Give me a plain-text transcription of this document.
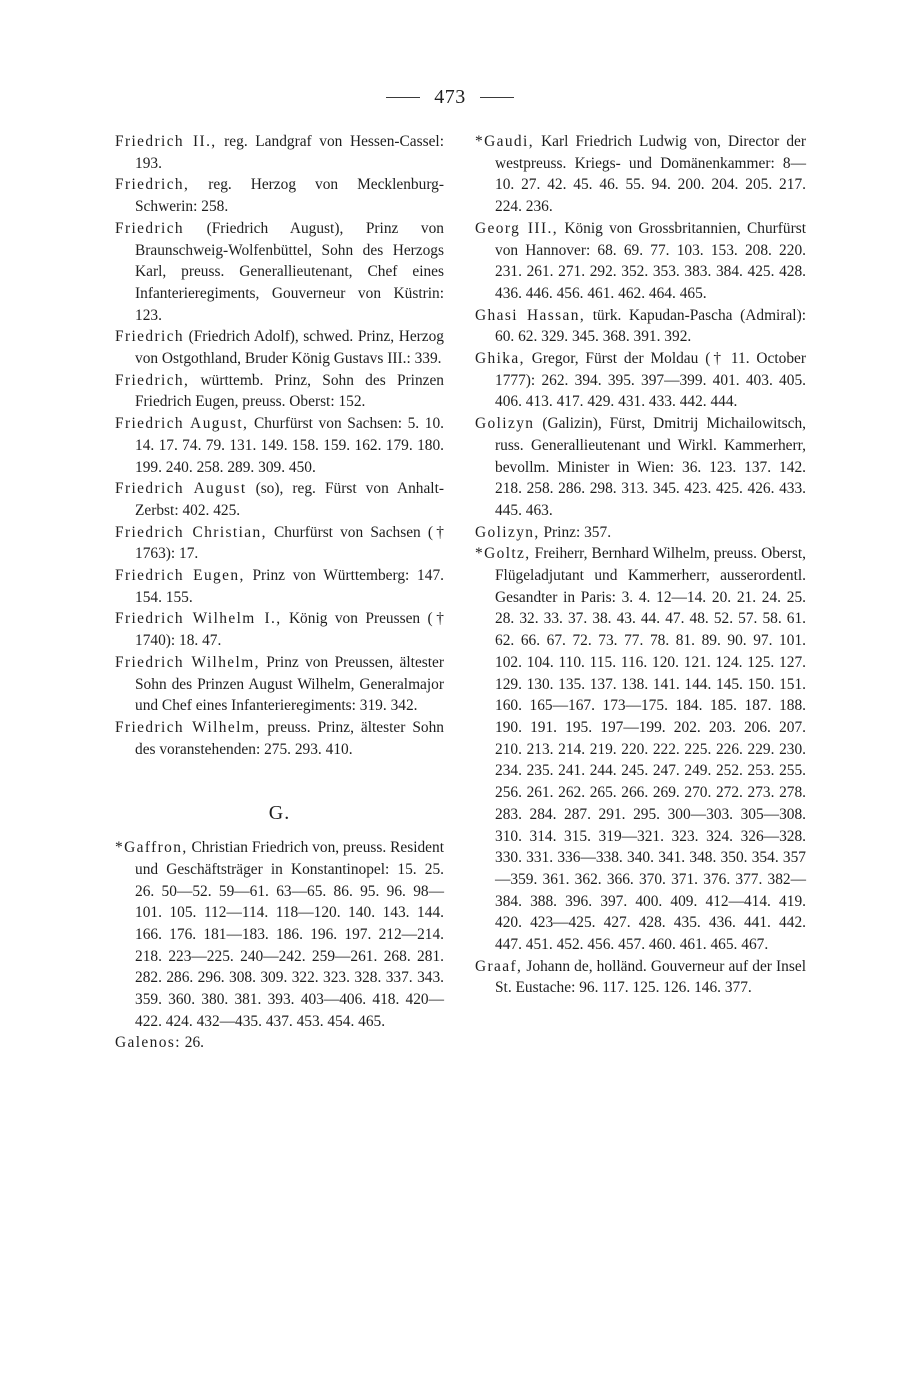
473
Friedrich II., reg. Landgraf von Hessen-Cassel: 193.
Friedrich, reg. Herzog von Mecklenburg-Schwerin: 258.
Friedrich (Friedrich August), Prinz von Braunschweig-Wolfenbüttel, Sohn des Herzogs Karl, preuss. Generallieutenant, Chef eines Infanterieregiments, Gouverneur von Küstrin: 123.
Friedrich (Friedrich Adolf), schwed. Prinz, Herzog von Ostgothland, Bruder König Gustavs III.: 339.
Friedrich, württemb. Prinz, Sohn des Prinzen Friedrich Eugen, preuss. Oberst: 152.
Friedrich August, Churfürst von Sachsen: 5. 10. 14. 17. 74. 79. 131. 149. 158. 159. 162. 179. 180. 199. 240. 258. 289. 309. 450.
Friedrich August (so), reg. Fürst von Anhalt-Zerbst: 402. 425.
Friedrich Christian, Churfürst von Sachsen († 1763): 17.
Friedrich Eugen, Prinz von Württemberg: 147. 154. 155.
Friedrich Wilhelm I., König von Preussen († 1740): 18. 47.
Friedrich Wilhelm, Prinz von Preussen, ältester Sohn des Prinzen August Wilhelm, Generalmajor und Chef eines Infanterieregiments: 319. 342.
Friedrich Wilhelm, preuss. Prinz, ältester Sohn des voranstehenden: 275. 293. 410.
G.
*Gaffron, Christian Friedrich von, preuss. Resident und Geschäftsträger in Konstantinopel: 15. 25. 26. 50—52. 59—61. 63—65. 86. 95. 96. 98—101. 105. 112—114. 118—120. 140. 143. 144. 166. 176. 181—183. 186. 196. 197. 212—214. 218. 223—225. 240—242. 259—261. 268. 281. 282. 286. 296. 308. 309. 322. 323. 328. 337. 343. 359. 360. 380. 381. 393. 403—406. 418. 420—422. 424. 432—435. 437. 453. 454. 465.
Galenos: 26.
*Gaudi, Karl Friedrich Ludwig von, Director der westpreuss. Kriegs- und Domänenkammer: 8—10. 27. 42. 45. 46. 55. 94. 200. 204. 205. 217. 224. 236.
Georg III., König von Grossbritannien, Churfürst von Hannover: 68. 69. 77. 103. 153. 208. 220. 231. 261. 271. 292. 352. 353. 383. 384. 425. 428. 436. 446. 456. 461. 462. 464. 465.
Ghasi Hassan, türk. Kapudan-Pascha (Admiral): 60. 62. 329. 345. 368. 391. 392.
Ghika, Gregor, Fürst der Moldau († 11. October 1777): 262. 394. 395. 397—399. 401. 403. 405. 406. 413. 417. 429. 431. 433. 442. 444.
Golizyn (Galizin), Fürst, Dmitrij Michailowitsch, russ. Generallieutenant und Wirkl. Kammerherr, bevollm. Minister in Wien: 36. 123. 137. 142. 218. 258. 286. 298. 313. 345. 423. 425. 426. 433. 445. 463.
Golizyn, Prinz: 357.
*Goltz, Freiherr, Bernhard Wilhelm, preuss. Oberst, Flügeladjutant und Kammerherr, ausserordentl. Gesandter in Paris: 3. 4. 12—14. 20. 21. 24. 25. 28. 32. 33. 37. 38. 43. 44. 47. 48. 52. 57. 58. 61. 62. 66. 67. 72. 73. 77. 78. 81. 89. 90. 97. 101. 102. 104. 110. 115. 116. 120. 121. 124. 125. 127. 129. 130. 135. 137. 138. 141. 144. 145. 150. 151. 160. 165—167. 173—175. 184. 185. 187. 188. 190. 191. 195. 197—199. 202. 203. 206. 207. 210. 213. 214. 219. 220. 222. 225. 226. 229. 230. 234. 235. 241. 244. 245. 247. 249. 252. 253. 255. 256. 261. 262. 265. 266. 269. 270. 272. 273. 278. 283. 284. 287. 291. 295. 300—303. 305—308. 310. 314. 315. 319—321. 323. 324. 326—328. 330. 331. 336—338. 340. 341. 348. 350. 354. 357—359. 361. 362. 366. 370. 371. 376. 377. 382—384. 388. 396. 397. 400. 409. 412—414. 419. 420. 423—425. 427. 428. 435. 436. 441. 442. 447. 451. 452. 456. 457. 460. 461. 465. 467.
Graaf, Johann de, holländ. Gouverneur auf der Insel St. Eustache: 96. 117. 125. 126. 146. 377.
